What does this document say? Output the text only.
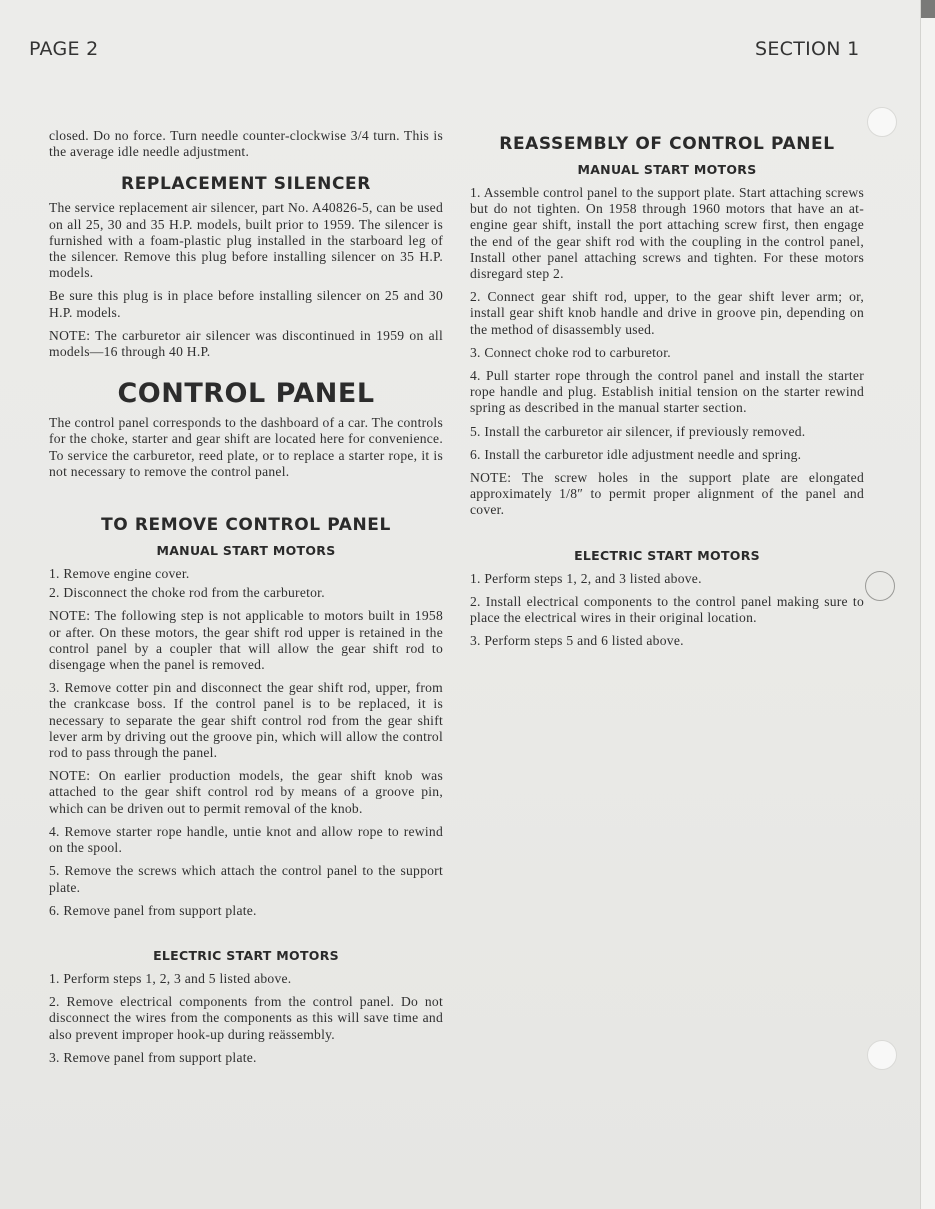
PAGE 2	SECTION 1

closed. Do no force. Turn needle counter-clockwise 3/4 turn. This is the average idle needle adjustment.

REPLACEMENT SILENCER

The service replacement air silencer, part No. A40826-5, can be used on all 25, 30 and 35 H.P. models, built prior to 1959. The silencer is furnished with a foam-plastic plug installed in the starboard leg of the silencer. Remove this plug before installing silencer on 35 H.P. models.

Be sure this plug is in place before installing silencer on 25 and 30 H.P. models.

NOTE: The carburetor air silencer was discontinued in 1959 on all models—16 through 40 H.P.

CONTROL PANEL

The control panel corresponds to the dashboard of a car. The controls for the choke, starter and gear shift are located here for convenience. To service the carburetor, reed plate, or to replace a starter rope, it is not necessary to remove the control panel.

TO REMOVE CONTROL PANEL
MANUAL START MOTORS

1. Remove engine cover.

2. Disconnect the choke rod from the carburetor.

NOTE: The following step is not applicable to motors built in 1958 or after. On these motors, the gear shift rod upper is retained in the control panel by a coupler that will allow the gear shift rod to disengage when the panel is removed.

3. Remove cotter pin and disconnect the gear shift rod, upper, from the crankcase boss. If the control panel is to be replaced, it is necessary to separate the gear shift control rod from the gear shift lever arm by driving out the groove pin, which will allow the control rod to pass through the panel.

NOTE: On earlier production models, the gear shift knob was attached to the gear shift control rod by means of a groove pin, which can be driven out to permit removal of the knob.

4. Remove starter rope handle, untie knot and allow rope to rewind on the spool.

5. Remove the screws which attach the control panel to the support plate.

6. Remove panel from support plate.

ELECTRIC START MOTORS

1. Perform steps 1, 2, 3 and 5 listed above.

2. Remove electrical components from the control panel. Do not disconnect the wires from the components as this will save time and also prevent improper hook-up during reässembly.

3. Remove panel from support plate.

REASSEMBLY OF CONTROL PANEL
MANUAL START MOTORS

1. Assemble control panel to the support plate. Start attaching screws but do not tighten. On 1958 through 1960 motors that have an at-engine gear shift, install the port attaching screw first, then engage the end of the gear shift rod with the coupling in the control panel, Install other panel attaching screws and tighten. For these motors disregard step 2.

2. Connect gear shift rod, upper, to the gear shift lever arm; or, install gear shift knob handle and drive in groove pin, depending on the method of disassembly used.

3. Connect choke rod to carburetor.

4. Pull starter rope through the control panel and install the starter rope handle and plug. Establish initial tension on the starter rewind spring as described in the manual starter section.

5. Install the carburetor air silencer, if previously removed.

6. Install the carburetor idle adjustment needle and spring.

NOTE: The screw holes in the support plate are elongated approximately 1/8″ to permit proper alignment of the panel and cover.

ELECTRIC START MOTORS

1. Perform steps 1, 2, and 3 listed above.

2. Install electrical components to the control panel making sure to place the electrical wires in their original location.

3. Perform steps 5 and 6 listed above.
